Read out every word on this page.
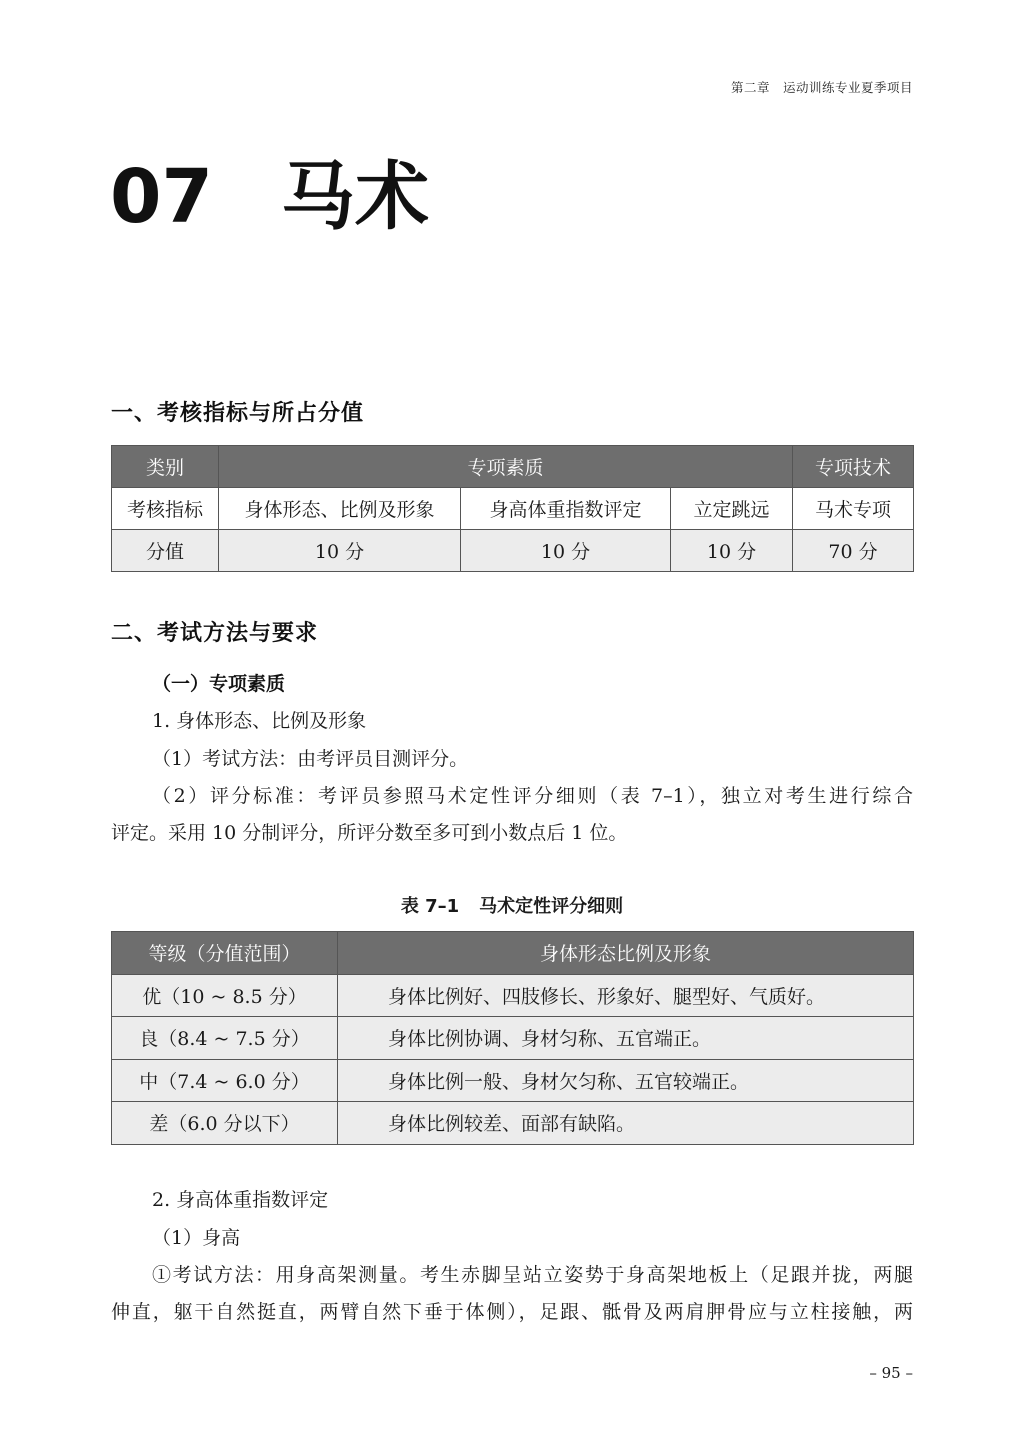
第二章　运动训练专业夏季项目
07 马术
一、考核指标与所占分值
类别	专项素质			专项技术
考核指标	身体形态、比例及形象	身高体重指数评定	立定跳远	马术专项
分值	10 分	10 分	10 分	70 分
二、考试方法与要求
（一）专项素质
1. 身体形态、比例及形象
（1）考试方法：由考评员目测评分。
（2）评分标准：考评员参照马术定性评分细则（表 7–1），独立对考生进行综合
评定。采用 10 分制评分，所评分数至多可到小数点后 1 位。
表 7–1 马术定性评分细则
等级（分值范围）	身体形态比例及形象
优（10 ~ 8.5 分）	身体比例好、四肢修长、形象好、腿型好、气质好。
良（8.4 ~ 7.5 分）	身体比例协调、身材匀称、五官端正。
中（7.4 ~ 6.0 分）	身体比例一般、身材欠匀称、五官较端正。
差（6.0 分以下）	身体比例较差、面部有缺陷。
2. 身高体重指数评定
（1）身高
①考试方法：用身高架测量。考生赤脚呈站立姿势于身高架地板上（足跟并拢，两腿
伸直，躯干自然挺直，两臂自然下垂于体侧），足跟、骶骨及两肩胛骨应与立柱接触，两
– 95 –
